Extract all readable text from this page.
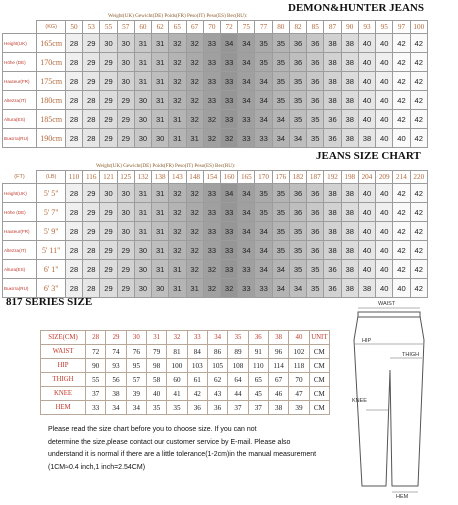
DEMON&HUNTER JEANS
Weight(UK) Gewicht(DE) Poids(FR) Peso(IT) Peso(ES) Bec(RU):
	(KG)	50	53	55	57	60	62	65	67	70	72	75	77	80	82	85	87	90	93	95	97	100
Height(UK)	165cm	28	29	30	30	31	31	32	32	33	34	34	35	35	36	36	38	38	40	40	42	42
Höhe (DE)	170cm	28	29	29	30	31	31	32	32	33	33	34	35	35	36	36	38	38	40	40	42	42
Hauteur(FR)	175cm	28	29	29	30	31	31	32	32	33	33	34	34	35	35	36	38	38	40	40	42	42
Altezza(IT)	180cm	28	28	29	29	30	31	32	32	33	33	34	34	35	35	36	38	38	40	40	42	42
Altura(ES)	185cm	28	28	29	29	30	31	31	32	32	33	33	34	34	35	35	36	38	40	40	42	42
Buкота(RU)	190cm	28	28	29	29	30	30	31	31	32	32	33	33	34	34	35	36	38	38	40	40	42
JEANS SIZE CHART
Weight(UK) Gewicht(DE) Poids(FR) Peso(IT) Peso(ES) Bec(RU):
(FT)	(LB)	110	116	121	125	132	138	143	148	154	160	165	170	176	182	187	192	198	204	209	214	220
Height(UK)	5' 5"	28	29	30	30	31	31	32	32	33	34	34	35	35	36	36	38	38	40	40	42	42
Höhe (DE)	5' 7"	28	29	29	30	31	31	32	32	33	33	34	35	35	36	36	38	38	40	40	42	42
Hauteur(FR)	5' 9"	28	29	29	30	31	31	32	32	33	33	34	34	35	35	36	38	38	40	40	42	42
Altezza(IT)	5' 11"	28	28	29	29	30	31	32	32	33	33	34	34	35	35	36	38	38	40	40	42	42
Altura(ES)	6' 1"	28	28	29	29	30	31	31	32	32	33	33	34	34	35	35	36	38	40	40	42	42
Buкота(RU)	6' 3"	28	28	29	29	30	30	31	31	32	32	33	33	34	34	35	36	38	38	40	40	42
817 SERIES SIZE
SIZE(CM)	28	29	30	31	32	33	34	35	36	38	40	UNIT
WAIST	72	74	76	79	81	84	86	89	91	96	102	CM
HIP	90	93	95	98	100	103	105	108	110	114	118	CM
THIGH	55	56	57	58	60	61	62	64	65	67	70	CM
KNEE	37	38	39	40	41	42	43	44	45	46	47	CM
HEM	33	34	34	35	35	36	36	37	37	38	39	CM
WAIST
HIP
THIGH
KNEE
HEM
Please read the size chart before you to choose size. If you can not
determine the size,please contact our customer service by E-mail. Please also
understand it is normal if there are a little tolerance(1-2cm)in the manual measurement
(1CM≈0.4 inch,1 inch=2.54CM)
